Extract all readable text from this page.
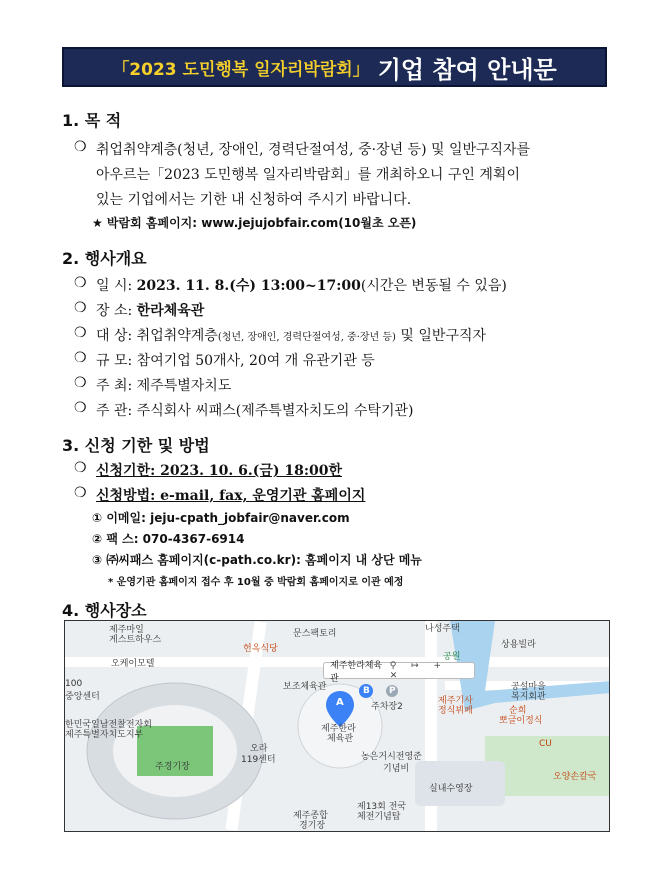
「2023 도민행복 일자리박람회」 기업 참여 안내문
1. 목 적
❍ 취업취약계층(청년, 장애인, 경력단절여성, 중·장년 등) 및 일반구직자를
아우르는「2023 도민행복 일자리박람회」를 개최하오니 구인 계획이
있는 기업에서는 기한 내 신청하여 주시기 바랍니다.
★ 박람회 홈페이지: www.jejujobfair.com(10월초 오픈)
2. 행사개요
❍ 일 시: 2023. 11. 8.(수) 13:00~17:00(시간은 변동될 수 있음)
❍ 장 소: 한라체육관
❍ 대 상: 취업취약계층(청년, 장애인, 경력단절여성, 중·장년 등) 및 일반구직자
❍ 규 모: 참여기업 50개사, 20여 개 유관기관 등
❍ 주 최: 제주특별자치도
❍ 주 관: 주식회사 씨패스(제주특별자치도의 수탁기관)
3. 신청 기한 및 방법
❍ 신청기한: 2023. 10. 6.(금) 18:00한
❍ 신청방법: e-mail, fax, 운영기관 홈페이지
① 이메일: jeju-cpath_jobfair@naver.com
② 팩 스: 070-4367-6914
③ ㈜씨패스 홈페이지(c-path.co.kr): 홈페이지 내 상단 메뉴
* 운영기관 홈페이지 접수 후 10월 중 박람회 홈페이지로 이관 예정
4. 행사장소
제주마일
게스트하우스
문스팩토리	나성주택
상용빌라
헌옥식당
오케이모텔
공원
제주한라체육관
⚲ ↦ + ✕
보조체육관
100
중앙센터
한민국일남전찰전자회
제주특별자치도지부
주경기장
오라
119센터
주차장2
제주한라
체육관
제주기사
정식뷔페
공설마을
복지회관
농은거시전영준
기념비
실내수영장
순희
뽀글이정식
CU
오양손칼국
제주종합
경기장
제13회 전국
체전기념탑
A
B P
